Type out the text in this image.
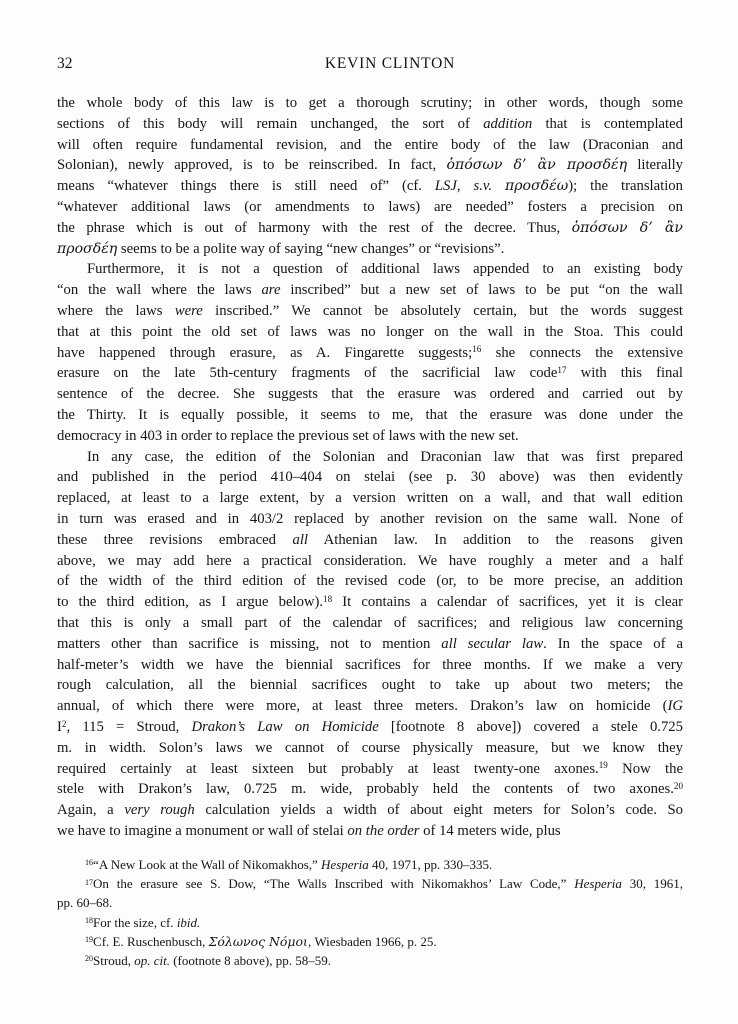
32	KEVIN CLINTON
the whole body of this law is to get a thorough scrutiny; in other words, though some
sections of this body will remain unchanged, the sort of addition that is contemplated
will often require fundamental revision, and the entire body of the law (Draconian and
Solonian), newly approved, is to be reinscribed. In fact, ὁπόσων δ’ ἂν προσδέη literally
means “whatever things there is still need of” (cf. LSJ, s.v. προσδέω); the translation
“whatever additional laws (or amendments to laws) are needed” fosters a precision on
the phrase which is out of harmony with the rest of the decree. Thus, ὁπόσων δ’ ἂν
προσδέη seems to be a polite way of saying “new changes” or “revisions”.
Furthermore, it is not a question of additional laws appended to an existing body
“on the wall where the laws are inscribed” but a new set of laws to be put “on the wall
where the laws were inscribed.” We cannot be absolutely certain, but the words suggest
that at this point the old set of laws was no longer on the wall in the Stoa. This could
have happened through erasure, as A. Fingarette suggests;$^{16}$ she connects the extensive
erasure on the late 5th-century fragments of the sacrificial law code$^{17}$ with this final
sentence of the decree. She suggests that the erasure was ordered and carried out by
the Thirty. It is equally possible, it seems to me, that the erasure was done under the
democracy in 403 in order to replace the previous set of laws with the new set.
In any case, the edition of the Solonian and Draconian law that was first prepared
and published in the period 410–404 on stelai (see p. 30 above) was then evidently
replaced, at least to a large extent, by a version written on a wall, and that wall edition
in turn was erased and in 403/2 replaced by another revision on the same wall. None of
these three revisions embraced all Athenian law. In addition to the reasons given
above, we may add here a practical consideration. We have roughly a meter and a half
of the width of the third edition of the revised code (or, to be more precise, an addition
to the third edition, as I argue below).$^{18}$ It contains a calendar of sacrifices, yet it is clear
that this is only a small part of the calendar of sacrifices; and religious law concerning
matters other than sacrifice is missing, not to mention all secular law. In the space of a
half-meter’s width we have the biennial sacrifices for three months. If we make a very
rough calculation, all the biennial sacrifices ought to take up about two meters; the
annual, of which there were more, at least three meters. Drakon’s law on homicide (IG
$I^2$, 115 = Stroud, Drakon’s Law on Homicide [footnote 8 above]) covered a stele 0.725
m. in width. Solon’s laws we cannot of course physically measure, but we know they
required certainly at least sixteen but probably at least twenty-one axones.$^{19}$ Now the
stele with Drakon’s law, 0.725 m. wide, probably held the contents of two axones.$^{20}$
Again, a very rough calculation yields a width of about eight meters for Solon’s code. So
we have to imagine a monument or wall of stelai on the order of 14 meters wide, plus
$^{16}$“A New Look at the Wall of Nikomakhos,” Hesperia 40, 1971, pp. 330–335.
$^{17}$On the erasure see S. Dow, “The Walls Inscribed with Nikomakhos’ Law Code,” Hesperia 30, 1961,
pp. 60–68.
$^{18}$For the size, cf. ibid.
$^{19}$Cf. E. Ruschenbusch, Σόλωνος Νόμοι, Wiesbaden 1966, p. 25.
$^{20}$Stroud, op. cit. (footnote 8 above), pp. 58–59.
